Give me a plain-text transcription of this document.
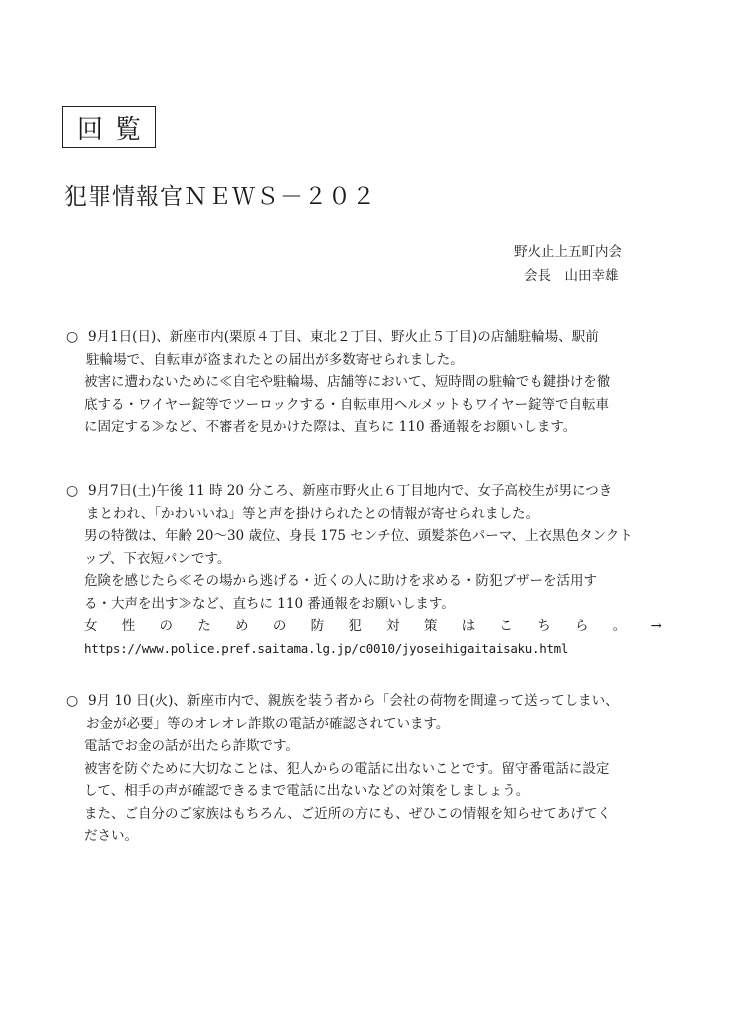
回覧
犯罪情報官ＮＥＷＳ－２０２
野火止上五町内会
会長　山田幸雄
○ 9月1日(日)、新座市内(栗原４丁目、東北２丁目、野火止５丁目)の店舗駐輪場、駅前
駐輪場で、自転車が盗まれたとの届出が多数寄せられました。
被害に遭わないために≪自宅や駐輪場、店舗等において、短時間の駐輪でも鍵掛けを徹
底する・ワイヤー錠等でツーロックする・自転車用ヘルメットもワイヤー錠等で自転車
に固定する≫など、不審者を見かけた際は、直ちに 110 番通報をお願いします。
○ 9月7日(土)午後 11 時 20 分ころ、新座市野火止６丁目地内で、女子高校生が男につき
まとわれ、「かわいいね」等と声を掛けられたとの情報が寄せられました。
男の特徴は、年齢 20～30 歳位、身長 175 センチ位、頭髪茶色パーマ、上衣黒色タンクト
ップ、下衣短パンです。
危険を感じたら≪その場から逃げる・近くの人に助けを求める・防犯ブザーを活用す
る・大声を出す≫など、直ちに 110 番通報をお願いします。
女 性 の た め の 防 犯 対 策 は こ ち ら 。 →
https://www.police.pref.saitama.lg.jp/c0010/jyoseihigaitaisaku.html
○ 9月 10 日(火)、新座市内で、親族を装う者から「会社の荷物を間違って送ってしまい、
お金が必要」等のオレオレ詐欺の電話が確認されています。
電話でお金の話が出たら詐欺です。
被害を防ぐために大切なことは、犯人からの電話に出ないことです。留守番電話に設定
して、相手の声が確認できるまで電話に出ないなどの対策をしましょう。
また、ご自分のご家族はもちろん、ご近所の方にも、ぜひこの情報を知らせてあげてく
ださい。
